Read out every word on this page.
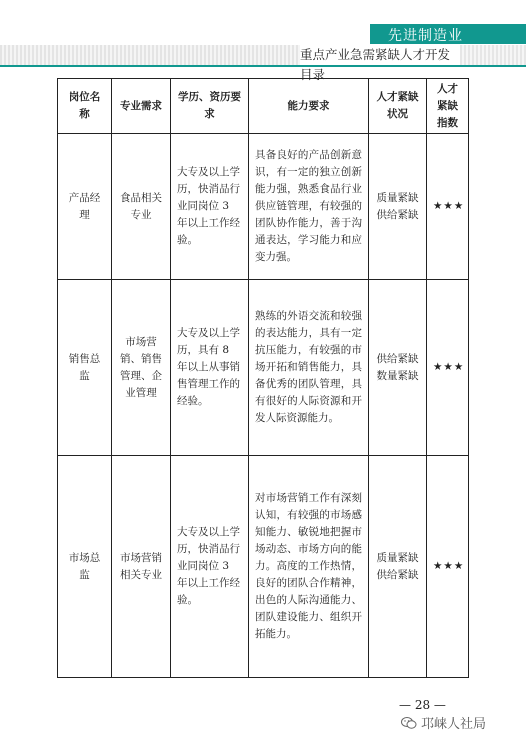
先进制造业
重点产业急需紧缺人才开发目录
岗位名称	专业需求	学历、资历要求	能力要求	人才紧缺状况	人才紧缺指数
产品经理	食品相关专业	大专及以上学历，快消品行业同岗位 3 年以上工作经验。	具备良好的产品创新意识，有一定的独立创新能力强，熟悉食品行业供应链管理，有较强的团队协作能力，善于沟通表达，学习能力和应变力强。	质量紧缺供给紧缺	★★★
销售总监	市场营销、销售管理、企业管理	大专及以上学历，具有 8 年以上从事销售管理工作的经验。	熟练的外语交流和较强的表达能力，具有一定抗压能力，有较强的市场开拓和销售能力，具备优秀的团队管理，具有很好的人际资源和开发人际资源能力。	供给紧缺数量紧缺	★★★
市场总监	市场营销相关专业	大专及以上学历，快消品行业同岗位 3 年以上工作经验。	对市场营销工作有深刻认知，有较强的市场感知能力、敏锐地把握市场动态、市场方向的能力。高度的工作热情，良好的团队合作精神，出色的人际沟通能力、团队建设能力、组织开拓能力。	质量紧缺供给紧缺	★★★
— 28 —
邛崃人社局
